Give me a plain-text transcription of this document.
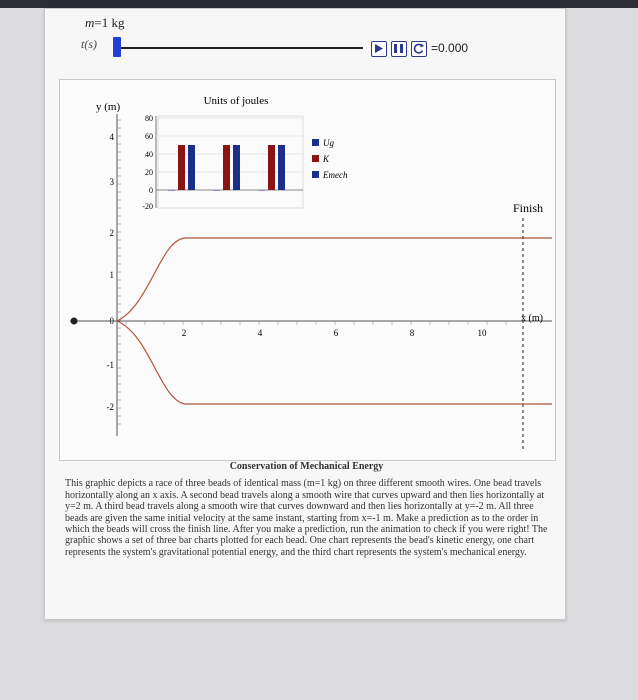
m=1 kg
t(s)	=0.000
y (m)
4
3
2
1
0
-1
-2
2	4	6	8	10
x (m)
Finish
Units of joules
80
60
40
20
0
-20
Ug
K
Emech
Conservation of Mechanical Energy
This graphic depicts a race of three beads of identical mass (m=1 kg) on three different smooth wires. One bead travels horizontally along an x axis. A second bead travels along a smooth wire that curves upward and then lies horizontally at y=2 m. A third bead travels along a smooth wire that curves downward and then lies horizontally at y=-2 m. All three beads are given the same initial velocity at the same instant, starting from x=-1 m. Make a prediction as to the order in which the beads will cross the finish line. After you make a prediction, run the animation to check if you were right! The graphic shows a set of three bar charts plotted for each bead. One chart represents the bead's kinetic energy, one chart represents the system's gravitational potential energy, and the third chart represents the system's mechanical energy.
